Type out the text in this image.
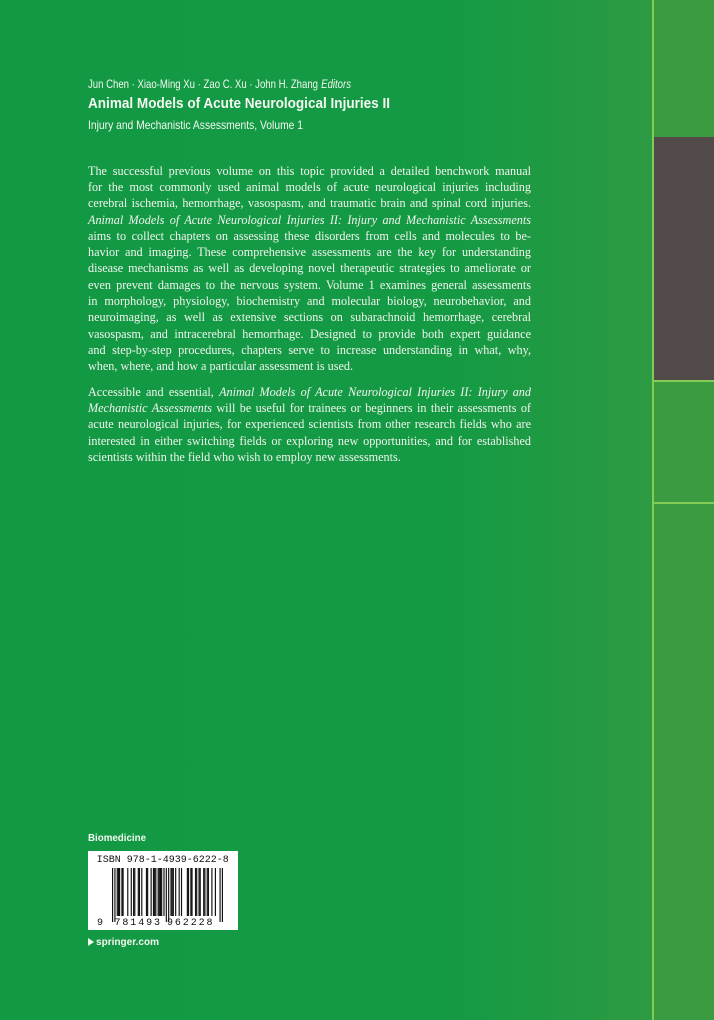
Jun Chen · Xiao-Ming Xu · Zao C. Xu · John H. Zhang Editors
Animal Models of Acute Neurological Injuries II
Injury and Mechanistic Assessments, Volume 1
The successful previous volume on this topic provided a detailed benchwork manual
for the most commonly used animal models of acute neurological injuries including
cerebral ischemia, hemorrhage, vasospasm, and traumatic brain and spinal cord injuries.
Animal Models of Acute Neurological Injuries II: Injury and Mechanistic Assessments
aims to collect chapters on assessing these disorders from cells and molecules to be-
havior and imaging. These comprehensive assessments are the key for understanding
disease mechanisms as well as developing novel therapeutic strategies to ameliorate or
even prevent damages to the nervous system. Volume 1 examines general assessments
in morphology, physiology, biochemistry and molecular biology, neurobehavior, and
neuroimaging, as well as extensive sections on subarachnoid hemorrhage, cerebral
vasospasm, and intracerebral hemorrhage. Designed to provide both expert guidance
and step-by-step procedures, chapters serve to increase understanding in what, why,
when, where, and how a particular assessment is used.
Accessible and essential, Animal Models of Acute Neurological Injuries II: Injury and
Mechanistic Assessments will be useful for trainees or beginners in their assessments of
acute neurological injuries, for experienced scientists from other research fields who are
interested in either switching fields or exploring new opportunities, and for established
scientists within the field who wish to employ new assessments.
Biomedicine
ISBN 978-1-4939-6222-8
9 781493 962228
springer.com
